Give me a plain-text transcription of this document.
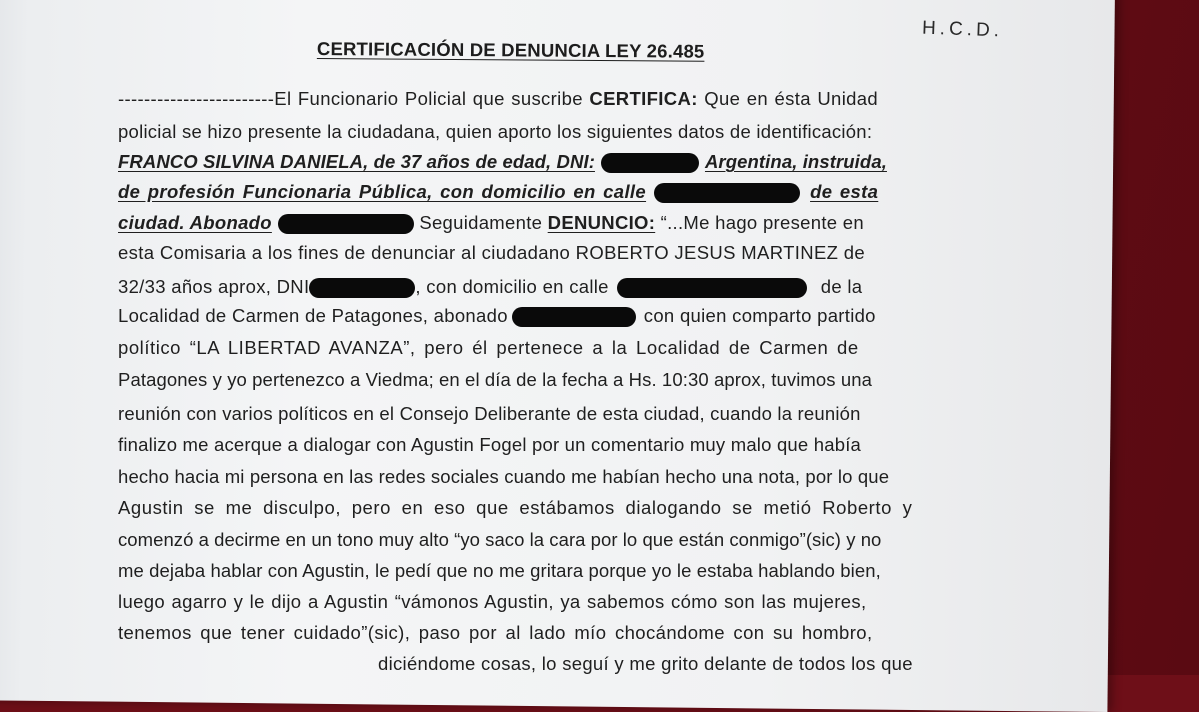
H.C.D.
CERTIFICACIÓN DE DENUNCIA LEY 26.485
------------------------El Funcionario Policial que suscribe CERTIFICA: Que en ésta Unidad
policial se hizo presente la ciudadana, quien aporto los siguientes datos de identificación:
FRANCO SILVINA DANIELA, de 37 años de edad, DNI:	Argentina, instruida,
de profesión Funcionaria Pública, con domicilio en calle	de esta
ciudad. Abonado	Seguidamente DENUNCIO: “...Me hago presente en
esta Comisaria a los fines de denunciar al ciudadano ROBERTO JESUS MARTINEZ de
32/33 años aprox, DNI	, con domicilio en calle	de la
Localidad de Carmen de Patagones, abonado	con quien comparto partido
político “LA LIBERTAD AVANZA”, pero él pertenece a la Localidad de Carmen de
Patagones y yo pertenezco a Viedma; en el día de la fecha a Hs. 10:30 aprox, tuvimos una
reunión con varios políticos en el Consejo Deliberante de esta ciudad, cuando la reunión
finalizo me acerque a dialogar con Agustin Fogel por un comentario muy malo que había
hecho hacia mi persona en las redes sociales cuando me habían hecho una nota, por lo que
Agustin se me disculpo, pero en eso que estábamos dialogando se metió Roberto y
comenzó a decirme en un tono muy alto “yo saco la cara por lo que están conmigo”(sic) y no
me dejaba hablar con Agustin, le pedí que no me gritara porque yo le estaba hablando bien,
luego agarro y le dijo a Agustin “vámonos Agustin, ya sabemos cómo son las mujeres,
tenemos que tener cuidado”(sic), paso por al lado mío chocándome con su hombro,
diciéndome cosas, lo seguí y me grito delante de todos los que
